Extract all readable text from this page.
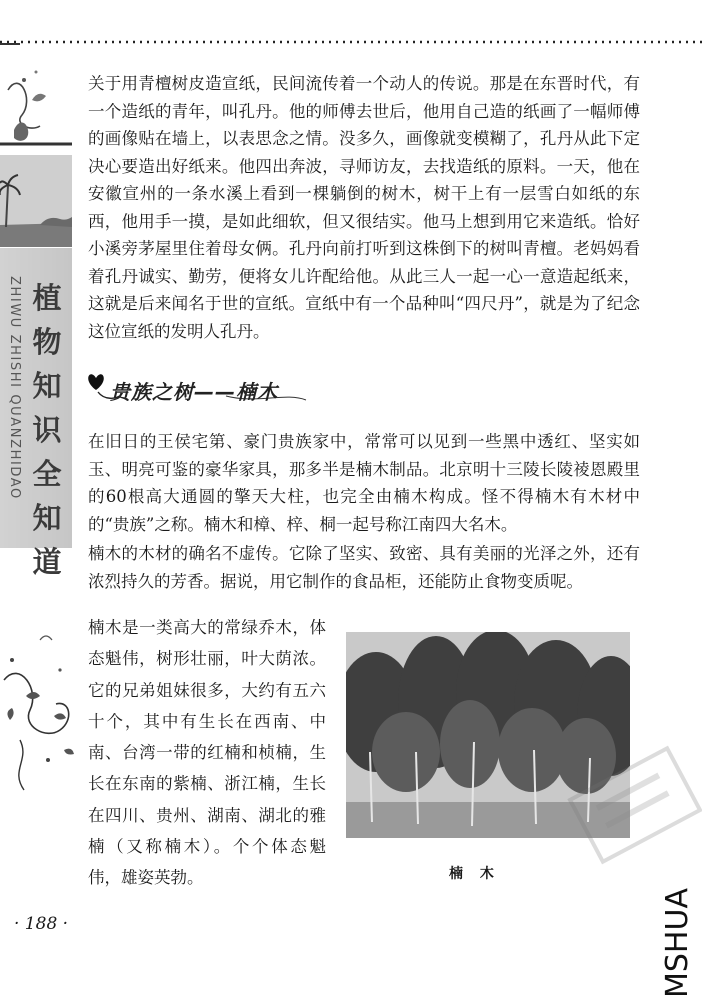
ZHIWU ZHISHI QUANZHIDAO 植
物
知
识
全
知
道

关于用青檀树皮造宣纸，民间流传着一个动人的传说。那是在东晋时代，有一个造纸的青年，叫孔丹。他的师傅去世后，他用自己造的纸画了一幅师傅的画像贴在墙上，以表思念之情。没多久，画像就变模糊了，孔丹从此下定决心要造出好纸来。他四出奔波，寻师访友，去找造纸的原料。一天，他在安徽宣州的一条水溪上看到一棵躺倒的树木，树干上有一层雪白如纸的东西，他用手一摸，是如此细软，但又很结实。他马上想到用它来造纸。恰好小溪旁茅屋里住着母女俩。孔丹向前打听到这株倒下的树叫青檀。老妈妈看着孔丹诚实、勤劳，便将女儿许配给他。从此三人一起一心一意造起纸来，这就是后来闻名于世的宣纸。宣纸中有一个品种叫“四尺丹”，就是为了纪念这位宣纸的发明人孔丹。

贵族之树——楠木

在旧日的王侯宅第、豪门贵族家中，常常可以见到一些黑中透红、坚实如玉、明亮可鉴的豪华家具，那多半是楠木制品。北京明十三陵长陵祾恩殿里的60根高大通圆的擎天大柱，也完全由楠木构成。怪不得楠木有木材中的“贵族”之称。楠木和樟、梓、桐一起号称江南四大名木。

楠木的木材的确名不虚传。它除了坚实、致密、具有美丽的光泽之外，还有浓烈持久的芳香。据说，用它制作的食品柜，还能防止食物变质呢。

楠木是一类高大的常绿乔木，体态魁伟，树形壮丽，叶大荫浓。它的兄弟姐妹很多，大约有五六十个，其中有生长在西南、中南、台湾一带的红楠和桢楠，生长在东南的紫楠、浙江楠，生长在四川、贵州、湖南、湖北的雅楠（又称楠木）。个个体态魁伟，雄姿英勃。	楠 木
· 188 ·	MSHUA
